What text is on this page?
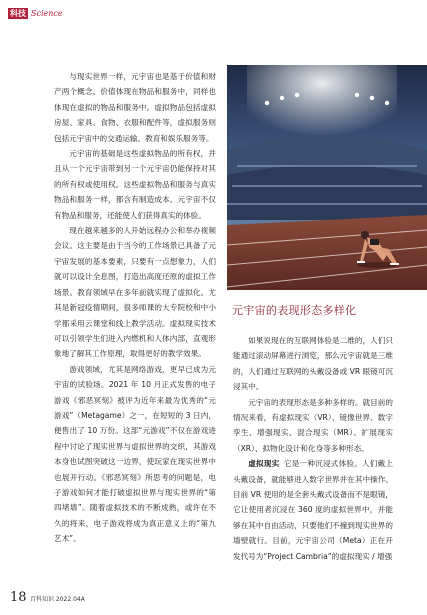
科技 Science

与现实世界一样，元宇宙也是基于价值和财产两个概念。价值体现在物品和服务中，同样也体现在虚拟的物品和服务中。虚拟物品包括虚拟房屋、家具、食物、衣服和配件等，虚拟服务则包括元宇宙中的交通运输、教育和娱乐服务等。

元宇宙的基础是这些虚拟物品的所有权，并且从一个元宇宙带到另一个元宇宙仍能保持对其的所有权或使用权。这些虚拟物品和服务与真实物品和服务一样，都含有制造成本。元宇宙不仅有物品和服务，还能使人们获得真实的体验。

现在越来越多的人开始远程办公和举办视频会议。这主要是由于当今的工作场景已具备了元宇宙发展的基本要素，只要有一点想象力，人们就可以设计全息图，打造出高度还原的虚拟工作场景。教育领域早在多年前就实现了虚拟化。尤其是新冠疫情期间，很多师课的大专院校和中小学都采用云课堂和线上教学活动。虚拟现实技术可以引领学生们进入内燃机和人体内部，直观形象地了解其工作原理，取得更好的教学效果。

游戏领域，尤其是网络游戏，更早已成为元宇宙的试验场。2021 年 10 月正式发售的电子游戏《邪恶冥刻》被评为近年来最为优秀的“元游戏”（Metagame）之一，在短短的 3 日内，便售出了 10 万份。这部“元游戏”不仅在游戏进程中讨论了现实世界与虚拟世界的交织，其游戏本身也试图突破这一边界，使玩家在现实世界中也展开行动。《邪恶冥刻》所思考的问题是，电子游戏如何才能打破虚拟世界与现实世界的“第四堵墙”。随着虚拟技术的不断成熟，或许在不久的将来，电子游戏将成为真正意义上的“第九艺术”。

元宇宙的表现形态多样化

如果说现在的互联网体验是二维的，人们只能通过滚动屏幕进行浏览，那么元宇宙就是三维的，人们通过互联网的头戴设备或 VR 眼镜可沉浸其中。

元宇宙的表现形态是多种多样的。就目前的情况来看，有虚拟现实（VR）、镜像世界、数字孪生、增强现实、混合现实（MR）、扩展现实（XR）、拟物化设计和化身等多种形态。

虚拟现实 它是一种沉浸式体验。人们戴上头戴设备，就能够进入数字世界并在其中操作。目前 VR 使用的是全套头戴式设备而不是眼镜，它让使用者沉浸在 360 度的虚拟世界中，并能够在其中自由活动，只要他们不撞到现实世界的墙壁就行。目前，元宇宙公司（Meta）正在开发代号为“Project Cambria”的虚拟现实 / 增强

18 百科知识 2022.04A
